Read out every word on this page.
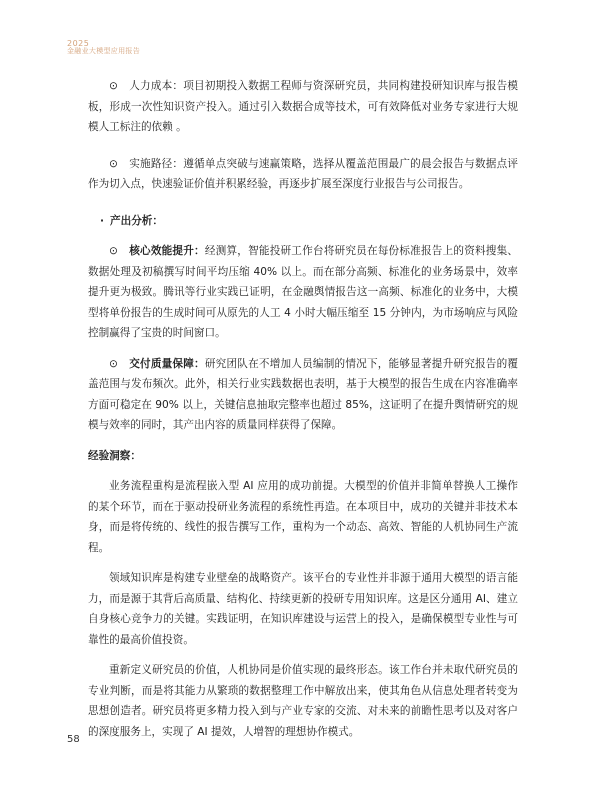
2025
金融业大模型应用报告

⊙ 人力成本：项目初期投入数据工程师与资深研究员，共同构建投研知识库与报告模板，形成一次性知识资产投入。通过引入数据合成等技术，可有效降低对业务专家进行大规模人工标注的依赖 。

⊙ 实施路径：遵循单点突破与速赢策略，选择从覆盖范围最广的晨会报告与数据点评作为切入点，快速验证价值并积累经验，再逐步扩展至深度行业报告与公司报告。

· 产出分析：

⊙ 核心效能提升：经测算，智能投研工作台将研究员在每份标准报告上的资料搜集、数据处理及初稿撰写时间平均压缩 40% 以上。而在部分高频、标准化的业务场景中，效率提升更为极致。腾讯等行业实践已证明，在金融舆情报告这一高频、标准化的业务中，大模型将单份报告的生成时间可从原先的人工 4 小时大幅压缩至 15 分钟内，为市场响应与风险控制赢得了宝贵的时间窗口。

⊙ 交付质量保障：研究团队在不增加人员编制的情况下，能够显著提升研究报告的覆盖范围与发布频次。此外，相关行业实践数据也表明，基于大模型的报告生成在内容准确率方面可稳定在 90% 以上，关键信息抽取完整率也超过 85%，这证明了在提升舆情研究的规模与效率的同时，其产出内容的质量同样获得了保障。

经验洞察：

业务流程重构是流程嵌入型 AI 应用的成功前提。大模型的价值并非简单替换人工操作的某个环节，而在于驱动投研业务流程的系统性再造。在本项目中，成功的关键并非技术本身，而是将传统的、线性的报告撰写工作，重构为一个动态、高效、智能的人机协同生产流程。

领域知识库是构建专业壁垒的战略资产。该平台的专业性并非源于通用大模型的语言能力，而是源于其背后高质量、结构化、持续更新的投研专用知识库。这是区分通用 AI、建立自身核心竞争力的关键。实践证明，在知识库建设与运营上的投入，是确保模型专业性与可靠性的最高价值投资。

重新定义研究员的价值，人机协同是价值实现的最终形态。该工作台并未取代研究员的专业判断，而是将其能力从繁琐的数据整理工作中解放出来，使其角色从信息处理者转变为思想创造者。研究员将更多精力投入到与产业专家的交流、对未来的前瞻性思考以及对客户的深度服务上，实现了 AI 提效，人增智的理想协作模式。

58
